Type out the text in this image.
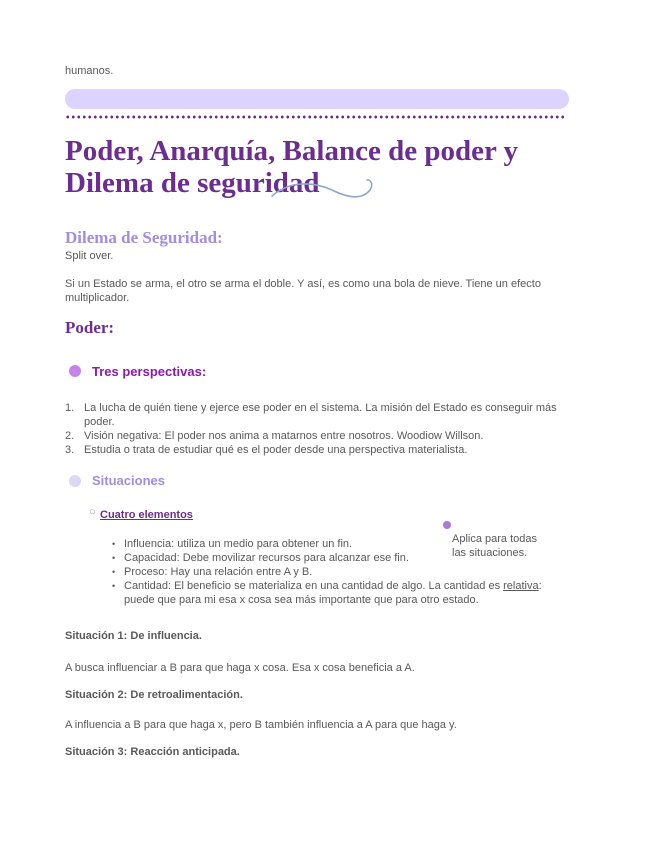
humanos.
Poder, Anarquía, Balance de poder y Dilema de seguridad
Dilema de Seguridad:
Split over.
Si un Estado se arma, el otro se arma el doble. Y así, es como una bola de nieve. Tiene un efecto multiplicador.
Poder:
Tres perspectivas:
1. La lucha de quién tiene y ejerce ese poder en el sistema. La misión del Estado es conseguir más poder.
2. Visión negativa: El poder nos anima a matarnos entre nosotros. Woodiow Willson.
3. Estudia o trata de estudiar qué es el poder desde una perspectiva materialista.
Situaciones
○ Cuatro elementos
Aplica para todas las situaciones.
• Influencia: utiliza un medio para obtener un fin.
• Capacidad: Debe movilizar recursos para alcanzar ese fin.
• Proceso: Hay una relación entre A y B.
• Cantidad: El beneficio se materializa en una cantidad de algo. La cantidad es relativa: puede que para mi esa x cosa sea más importante que para otro estado.
Situación 1: De influencia.
A busca influenciar a B para que haga x cosa. Esa x cosa beneficia a A.
Situación 2: De retroalimentación.
A influencia a B para que haga x, pero B también influencia a A para que haga y.
Situación 3: Reacción anticipada.
